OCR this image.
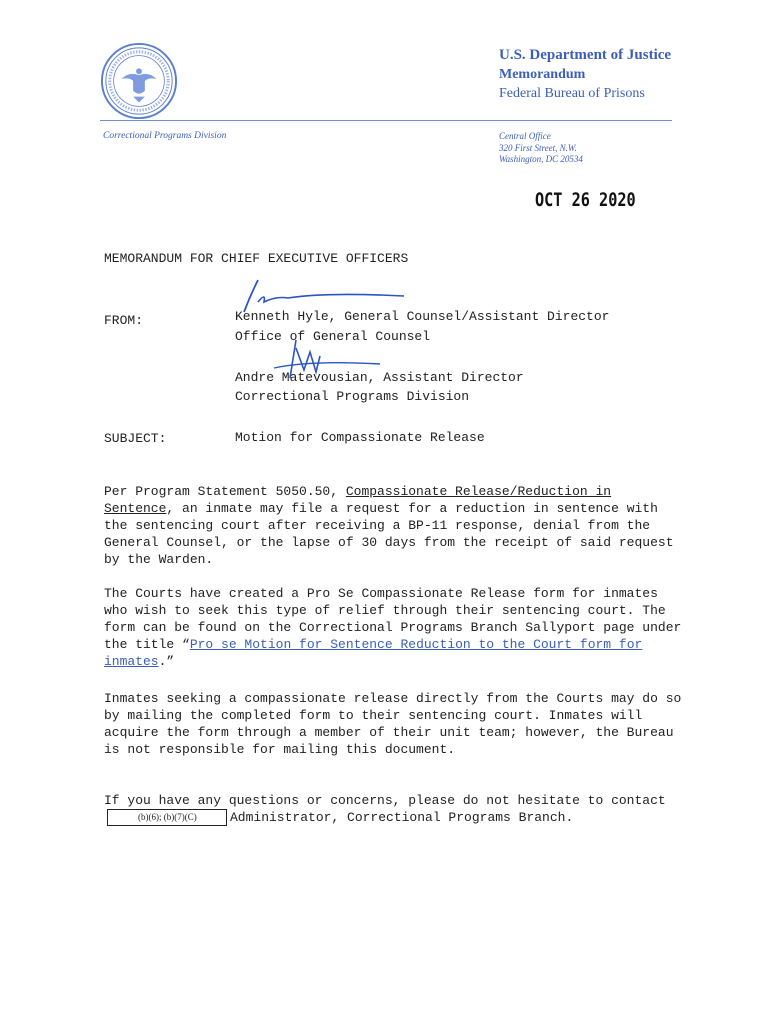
U.S. Department of Justice
Memorandum
Federal Bureau of Prisons
Correctional Programs Division	Central Office
320 First Street, N.W.
Washington, DC 20534
OCT 26 2020
MEMORANDUM FOR CHIEF EXECUTIVE OFFICERS
FROM:	Kenneth Hyle, General Counsel/Assistant Director
Office of General Counsel
Andre Matevousian, Assistant Director
Correctional Programs Division
SUBJECT:	Motion for Compassionate Release
Per Program Statement 5050.50, Compassionate Release/Reduction in Sentence, an inmate may file a request for a reduction in sentence with the sentencing court after receiving a BP-11 response, denial from the General Counsel, or the lapse of 30 days from the receipt of said request by the Warden.
The Courts have created a Pro Se Compassionate Release form for inmates who wish to seek this type of relief through their sentencing court. The form can be found on the Correctional Programs Branch Sallyport page under the title “Pro se Motion for Sentence Reduction to the Court form for inmates.”
Inmates seeking a compassionate release directly from the Courts may do so by mailing the completed form to their sentencing court. Inmates will acquire the form through a member of their unit team; however, the Bureau is not responsible for mailing this document.
If you have any questions or concerns, please do not hesitate to contact(b)(6); (b)(7)(C)	Administrator, Correctional Programs Branch.
